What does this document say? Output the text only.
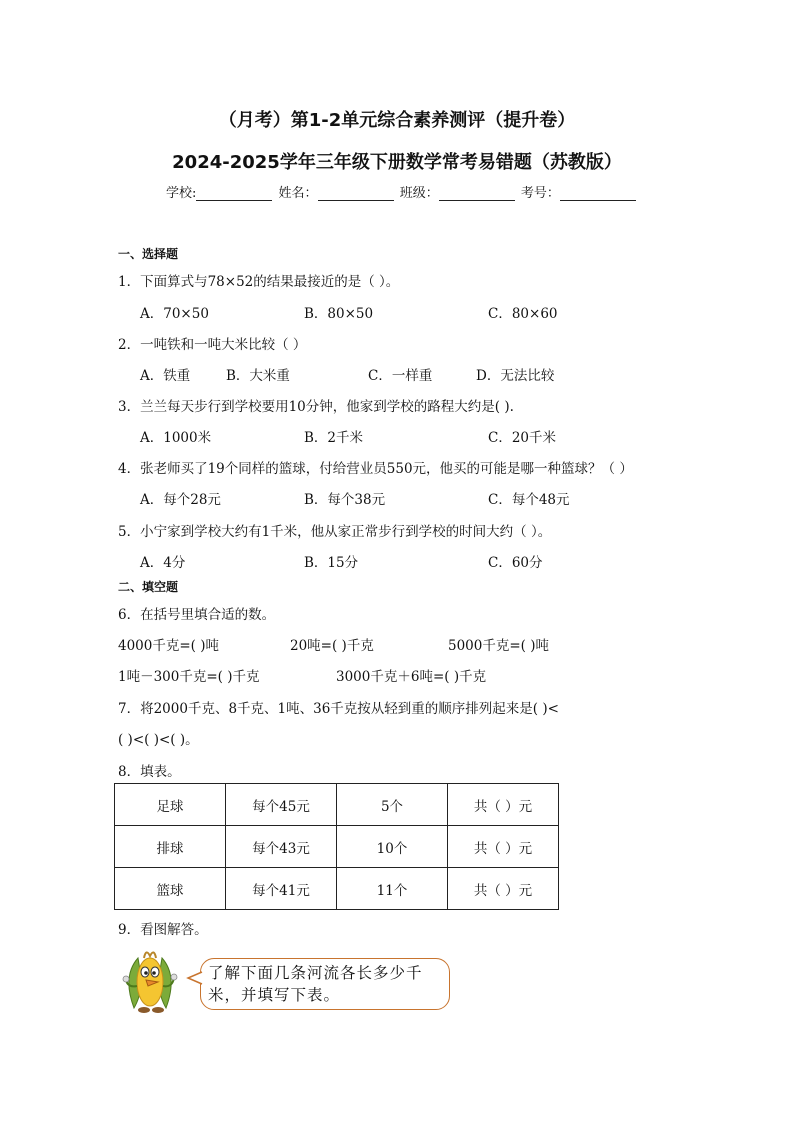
（月考）第1-2单元综合素养测评（提升卷）
2024-2025学年三年级下册数学常考易错题（苏教版）
学校:	姓名：	班级：	考号：
一、选择题
1．下面算式与78×52的结果最接近的是（ ）。
A．70×50	B．80×50	C．80×60
2．一吨铁和一吨大米比较（ ）
A．铁重	B．大米重	C．一样重	D．无法比较
3．兰兰每天步行到学校要用10分钟，他家到学校的路程大约是( ).
A．1000米	B．2千米	C．20千米
4．张老师买了19个同样的篮球，付给营业员550元，他买的可能是哪一种篮球？（ ）
A．每个28元	B．每个38元	C．每个48元
5．小宁家到学校大约有1千米，他从家正常步行到学校的时间大约（ ）。
A．4分	B．15分	C．60分
二、填空题
6．在括号里填合适的数。
4000千克=( )吨	20吨=( )千克	5000千克=( )吨
1吨－300千克=( )千克	3000千克＋6吨=( )千克
7．将2000千克、8千克、1吨、36千克按从轻到重的顺序排列起来是( )<
( )<( )<( )。
8．填表。
足球	每个45元	5个	共（ ）元
排球	每个43元	10个	共（ ）元
篮球	每个41元	11个	共（ ）元
9．看图解答。
了解下面几条河流各长多少千米，并填写下表。
